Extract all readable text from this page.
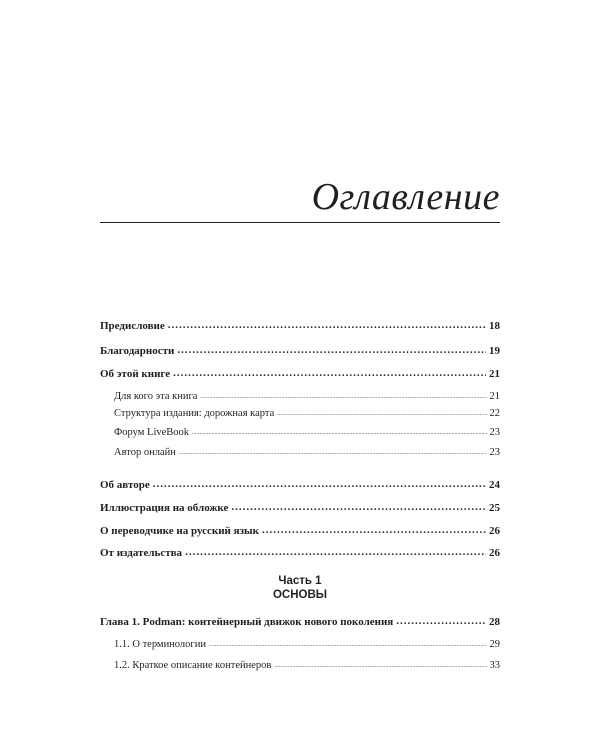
Оглавление
Предисловие .....	18
Благодарности .....	19
Об этой книге .....	21
Для кого эта книга .....	21
Структура издания: дорожная карта .....	22
Форум LiveBook .....	23
Автор онлайн .....	23
Об авторе .....	24
Иллюстрация на обложке .....	25
О переводчике на русский язык .....	26
От издательства .....	26
Глава 1. Podman: контейнерный движок нового поколения .....	28
1.1. О терминологии .....	29
1.2. Краткое описание контейнеров .....	33
Часть 1
ОСНОВЫ
